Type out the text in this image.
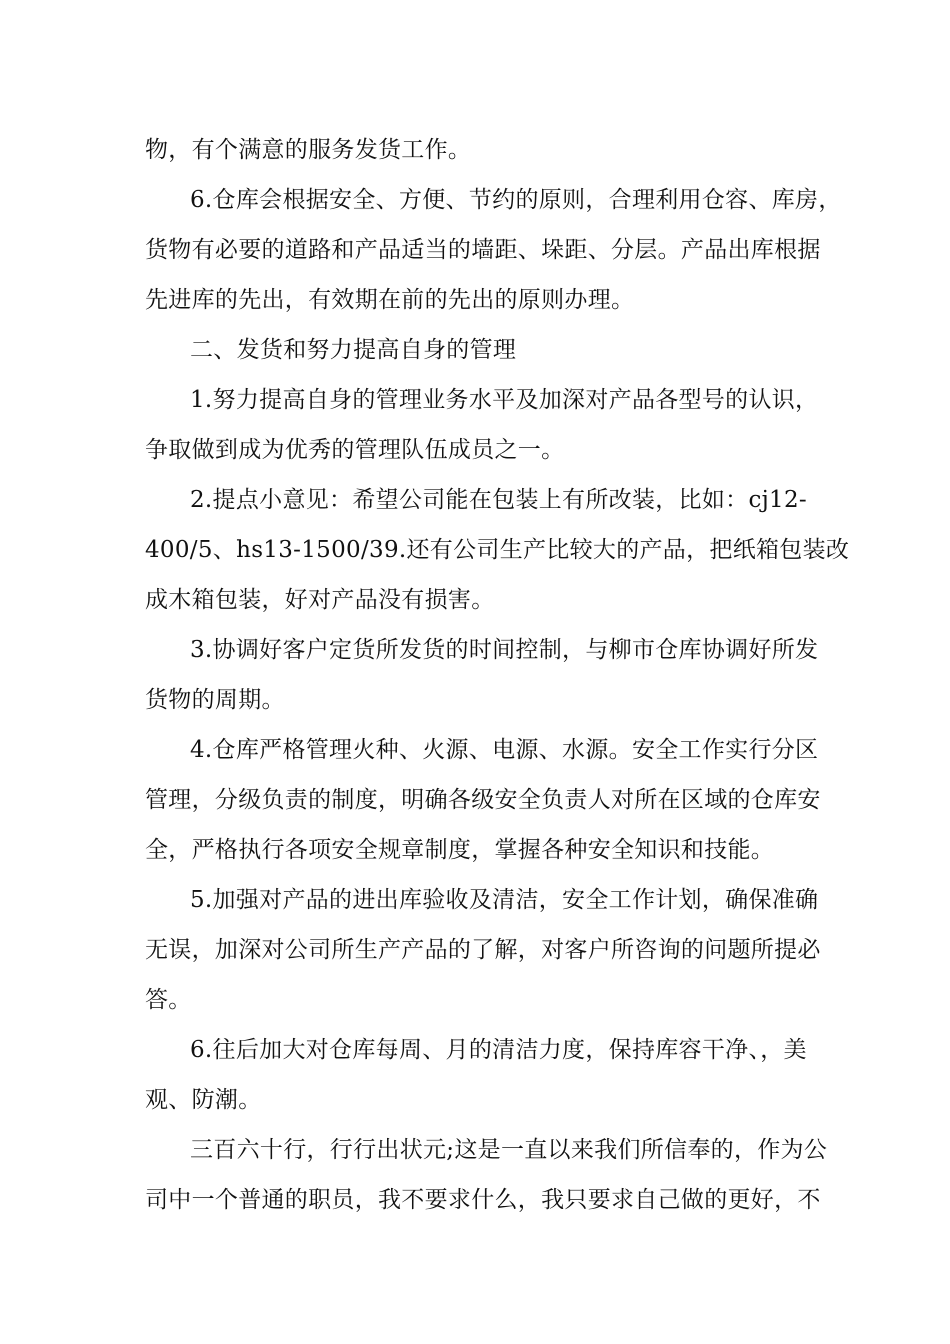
物，有个满意的服务发货工作。
6.仓库会根据安全、方便、节约的原则，合理利用仓容、库房，
货物有必要的道路和产品适当的墙距、垛距、分层。产品出库根据
先进库的先出，有效期在前的先出的原则办理。
二、发货和努力提高自身的管理
1.努力提高自身的管理业务水平及加深对产品各型号的认识，
争取做到成为优秀的管理队伍成员之一。
2.提点小意见：希望公司能在包装上有所改装，比如：cj12-
400/5、hs13-1500/39.还有公司生产比较大的产品，把纸箱包装改
成木箱包装，好对产品没有损害。
3.协调好客户定货所发货的时间控制，与柳市仓库协调好所发
货物的周期。
4.仓库严格管理火种、火源、电源、水源。安全工作实行分区
管理，分级负责的制度，明确各级安全负责人对所在区域的仓库安
全，严格执行各项安全规章制度，掌握各种安全知识和技能。
5.加强对产品的进出库验收及清洁，安全工作计划，确保准确
无误，加深对公司所生产产品的了解，对客户所咨询的问题所提必
答。
6.往后加大对仓库每周、月的清洁力度，保持库容干净、，美
观、防潮。
三百六十行，行行出状元;这是一直以来我们所信奉的，作为公
司中一个普通的职员，我不要求什么，我只要求自己做的更好，不
